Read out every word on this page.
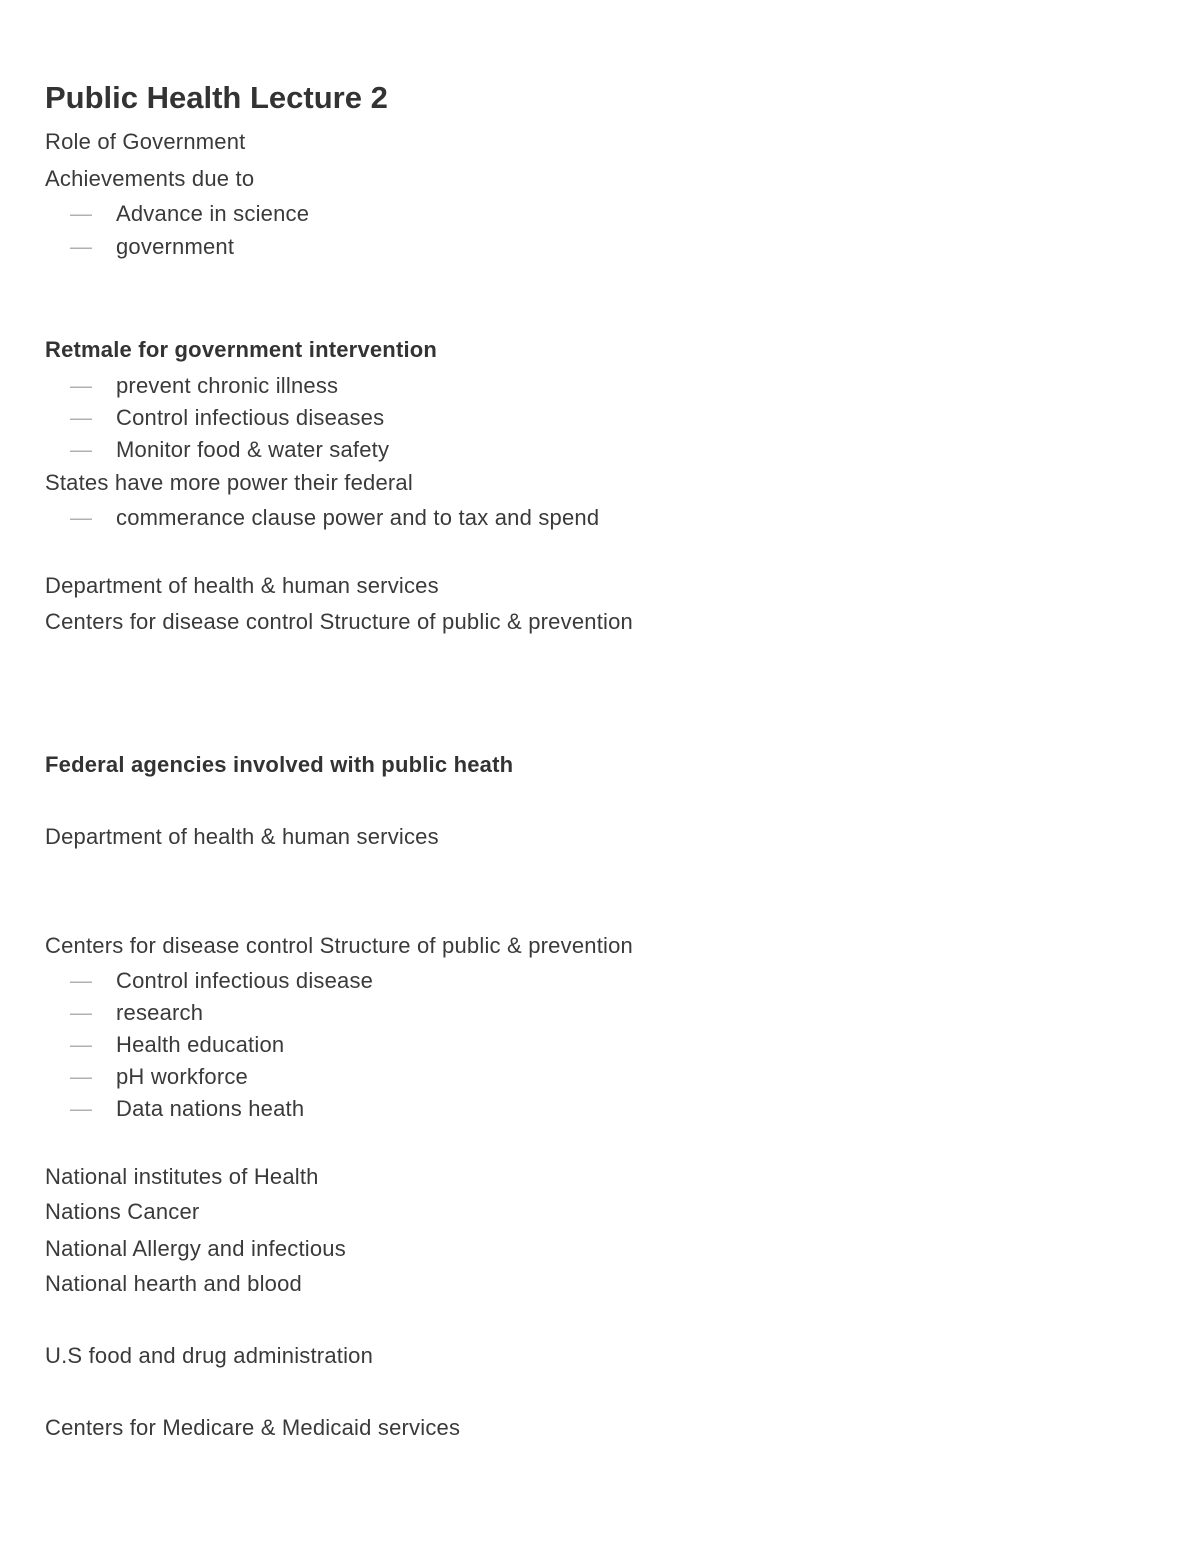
Public Health Lecture 2
Role of Government
Achievements due to
— Advance in science
— government
Retmale for government intervention
— prevent chronic illness
— Control infectious diseases
— Monitor food & water safety
States have more power their federal
— commerance clause power and to tax and spend
Department of health & human services
Centers for disease control Structure of public & prevention
Federal agencies involved with public heath
Department of health & human services
Centers for disease control Structure of public & prevention
— Control infectious disease
— research
— Health education
— pH workforce
— Data nations heath
National institutes of Health
Nations Cancer
National Allergy and infectious
National hearth and blood
U.S food and drug administration
Centers for Medicare & Medicaid services
